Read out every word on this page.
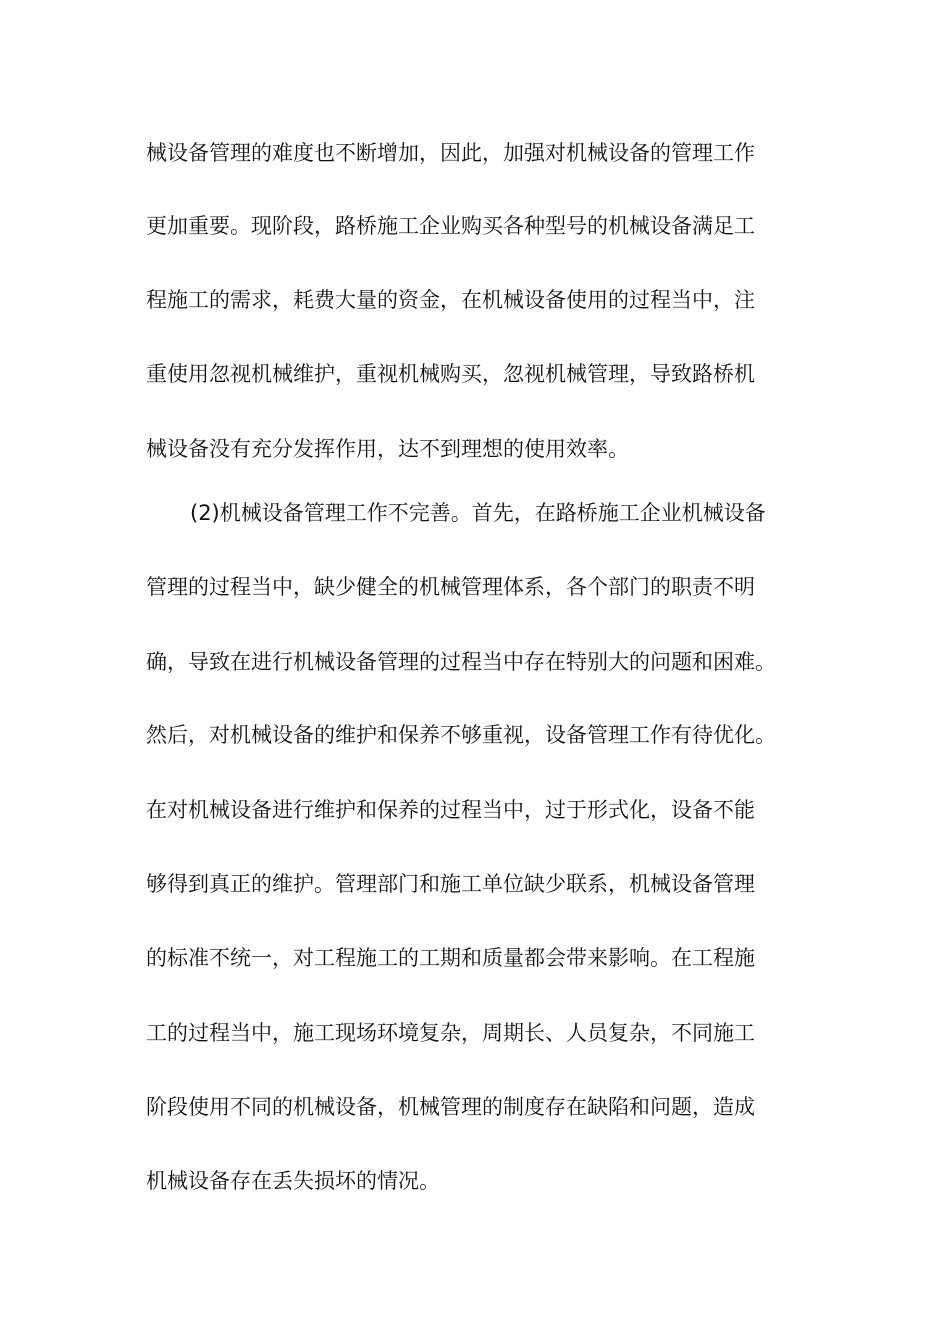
械设备管理的难度也不断增加，因此，加强对机械设备的管理工作
更加重要。现阶段，路桥施工企业购买各种型号的机械设备满足工
程施工的需求，耗费大量的资金，在机械设备使用的过程当中，注
重使用忽视机械维护，重视机械购买，忽视机械管理，导致路桥机
械设备没有充分发挥作用，达不到理想的使用效率。
(2)机械设备管理工作不完善。首先，在路桥施工企业机械设备
管理的过程当中，缺少健全的机械管理体系，各个部门的职责不明
确，导致在进行机械设备管理的过程当中存在特别大的问题和困难。
然后，对机械设备的维护和保养不够重视，设备管理工作有待优化。
在对机械设备进行维护和保养的过程当中，过于形式化，设备不能
够得到真正的维护。管理部门和施工单位缺少联系，机械设备管理
的标准不统一，对工程施工的工期和质量都会带来影响。在工程施
工的过程当中，施工现场环境复杂，周期长、人员复杂，不同施工
阶段使用不同的机械设备，机械管理的制度存在缺陷和问题，造成
机械设备存在丢失损坏的情况。
